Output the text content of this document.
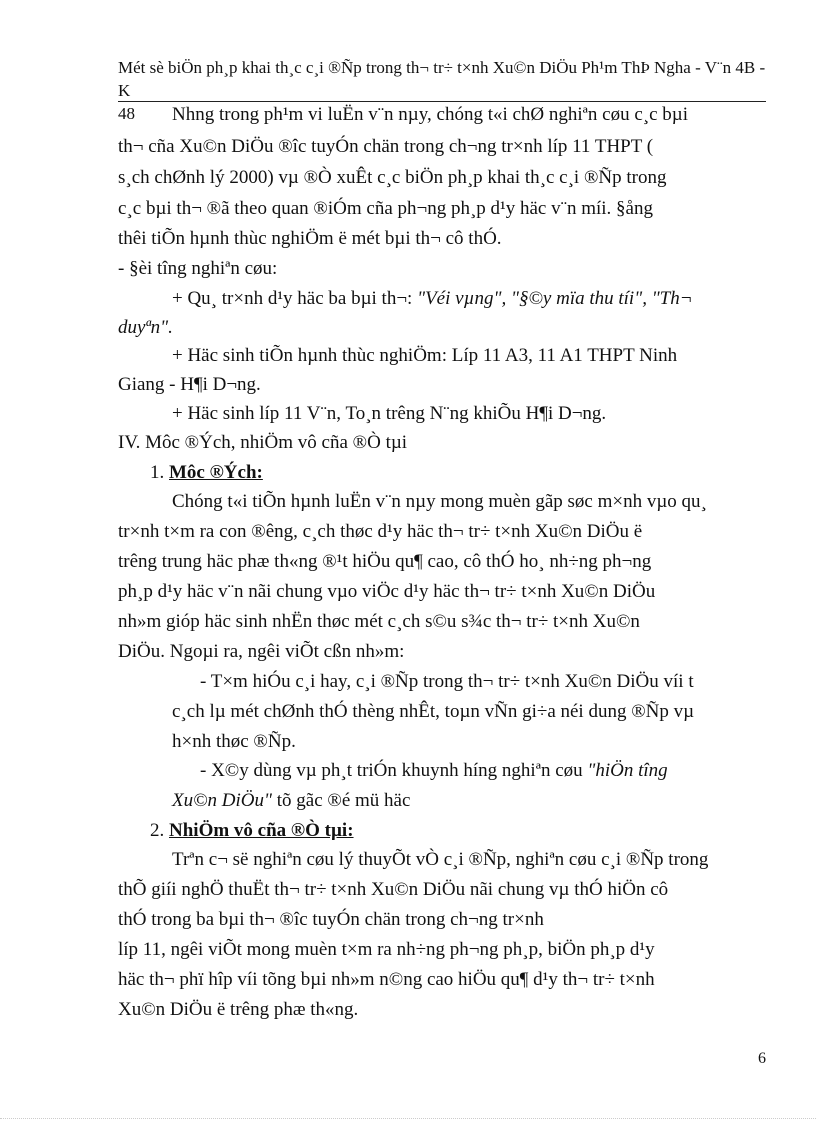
Mét sè biÖn ph¸p khai th¸c c¸i ®Ñp trong th¬ tr÷ t×nh Xu©n DiÖu Ph¹m ThÞ Ngha - V¨n 4B - K
48	Nhng trong ph¹m vi luËn v¨n nµy, chóng t«i chØ nghiªn cøu c¸c bµi
th¬ cña Xu©n DiÖu ®îc tuyÓn chän trong ch¬ng tr×nh líp 11 THPT (
s¸ch chØnh lý 2000) vµ ®Ò xuÊt c¸c biÖn ph¸p khai th¸c c¸i ®Ñp trong
c¸c bµi th¬ ®ã theo quan ®iÓm cña ph¬ng ph¸p d¹y häc v¨n míi. §ång
thêi tiÕn hµnh thùc nghiÖm ë mét bµi th¬ cô thÓ.
- §èi tîng nghiªn cøu:
+ Qu¸ tr×nh d¹y häc ba bµi th¬: "Véi vµng", "§©y mïa thu tíi", "Th¬
duyªn".
+ Häc sinh tiÕn hµnh thùc nghiÖm: Líp 11 A3, 11 A1 THPT Ninh
Giang - H¶i D¬ng.
+ Häc sinh líp 11 V¨n, To¸n trêng N¨ng khiÕu H¶i D¬ng.
IV. Môc ®Ých, nhiÖm vô cña ®Ò tµi
1. Môc ®Ých:
Chóng t«i tiÕn hµnh luËn v¨n nµy mong muèn gãp søc m×nh vµo qu¸
tr×nh t×m ra con ®êng, c¸ch thøc d¹y häc th¬ tr÷ t×nh Xu©n DiÖu ë
trêng trung häc phæ th«ng ®¹t hiÖu qu¶ cao, cô thÓ ho¸ nh÷ng ph¬ng
ph¸p d¹y häc v¨n nãi chung vµo viÖc d¹y häc th¬ tr÷ t×nh Xu©n DiÖu
nh»m gióp häc sinh nhËn thøc mét c¸ch s©u s¾c th¬ tr÷ t×nh Xu©n
DiÖu. Ngoµi ra, ngêi viÕt cßn nh»m:
- T×m hiÓu c¸i hay, c¸i ®Ñp trong th¬ tr÷ t×nh Xu©n DiÖu víi t
c¸ch lµ mét chØnh thÓ thèng nhÊt, toµn vÑn gi÷a néi dung ®Ñp vµ
h×nh thøc ®Ñp.
- X©y dùng vµ ph¸t triÓn khuynh híng nghiªn cøu "hiÖn tîng
Xu©n DiÖu" tõ gãc ®é mü häc
2. NhiÖm vô cña ®Ò tµi:
Trªn c¬ së nghiªn cøu lý thuyÕt vÒ c¸i ®Ñp, nghiªn cøu c¸i ®Ñp trong
thÕ giíi nghÖ thuËt th¬ tr÷ t×nh Xu©n DiÖu nãi chung vµ thÓ hiÖn cô
thÓ trong ba bµi th¬ ®îc tuyÓn chän trong ch¬ng tr×nh
líp 11, ngêi viÕt mong muèn t×m ra nh÷ng ph¬ng ph¸p, biÖn ph¸p d¹y
häc th¬ phï hîp víi tõng bµi nh»m n©ng cao hiÖu qu¶ d¹y th¬ tr÷ t×nh
Xu©n DiÖu ë trêng phæ th«ng.
6
